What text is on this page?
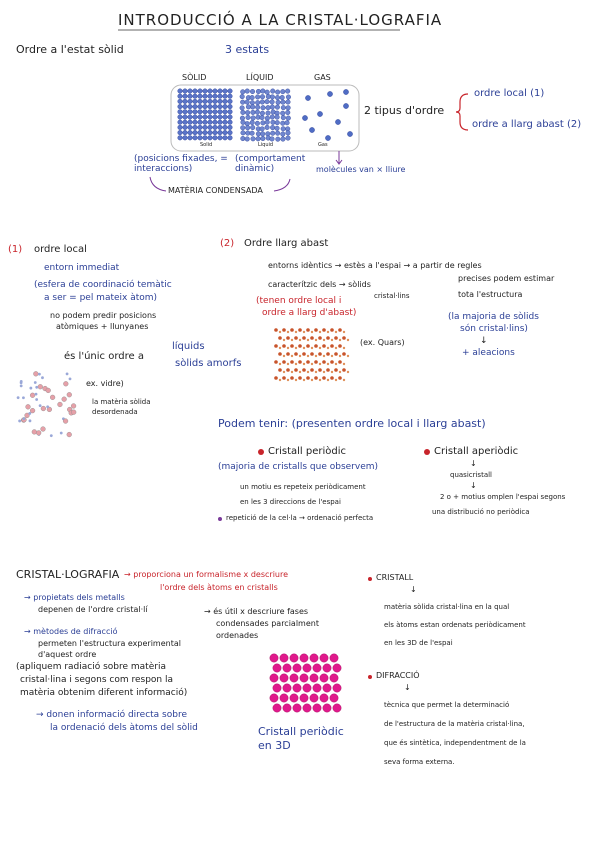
INTRODUCCIÓ A LA CRISTAL·LOGRAFIA
Ordre a l'estat sòlid	3 estats
SÒLID	LÍQUID	GAS
Solid	Liquid	Gas
2 tipus d'ordre
ordre local (1)
ordre a llarg abast (2)
(posicions fixades, = interaccions)
(comportament dinàmic)	molècules van × lliure
MATÈRIA CONDENSADA
(1) ordre local
entorn immediat
(esfera de coordinació temàtic
a ser = pel mateix àtom)
no podem predir posicions
atòmiques + llunyanes
és l'únic ordre a
líquids
sòlids amorfs
ex. vidre)
la matèria sòlida
desordenada
(2) Ordre llarg abast
entorns idèntics → estès a l'espai → a partir de regles
precises podem estimar
tota l'estructura
caracterítzic dels → sòlids
cristal·lins
(tenen ordre local i
ordre a llarg d'abast)	(la majoria de sòlids
són cristal·lins)
↓
+ aleacions
(ex. Quars)
Podem tenir: (presenten ordre local i llarg abast)
Cristall periòdic
(majoria de cristalls que observem)
un motiu es repeteix periòdicament
en les 3 direccions de l'espai
repetició de la cel·la → ordenació perfecta
Cristall aperiòdic
↓
quasicristall
↓
2 o + motius omplen l'espai segons
una distribució no periòdica
CRISTAL·LOGRAFIA → proporciona un formalisme x descriure
l'ordre dels àtoms en cristalls
→ propietats dels metalls
depenen de l'ordre cristal·lí
→ mètodes de difracció
permeten l'estructura experimental
d'aquest ordre
→ és útil x descriure fases
condensades parcialment
ordenades
(apliquem radiació sobre matèria
cristal·lina i segons com respon la
matèria obtenim diferent informació)
→ donen informació directa sobre
la ordenació dels àtoms del sòlid	Cristall periòdic
en 3D
CRISTALL
↓
matèria sòlida cristal·lina en la qual
els àtoms estan ordenats periòdicament
en les 3D de l'espai
DIFRACCIÓ
↓
tècnica que permet la determinació
de l'estructura de la matèria cristal·lina,
que és sintètica, independentment de la
seva forma externa.
